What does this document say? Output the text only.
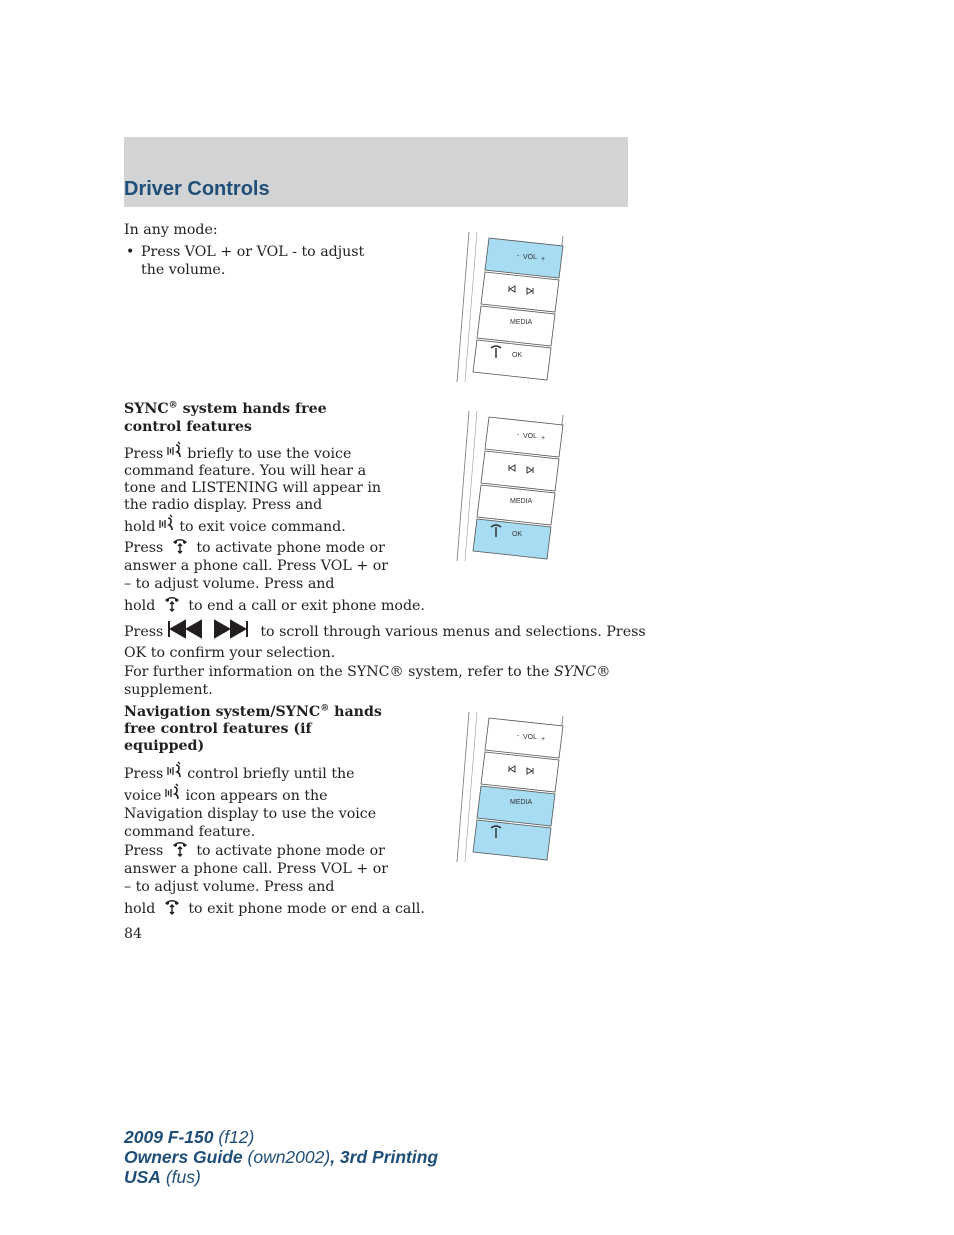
Driver Controls

In any mode:

• Press VOL + or VOL - to adjust
the volume.

SYNC® system hands free
control features

Press briefly to use the voice
command feature. You will hear a
tone and LISTENING will appear in
the radio display. Press and
hold to exit voice command.

Press to activate phone mode or
answer a phone call. Press VOL + or
– to adjust volume. Press and
hold to end a call or exit phone mode.

Press	to scroll through various menus and selections. Press
OK to confirm your selection.

For further information on the SYNC® system, refer to the SYNC®
supplement.

Navigation system/SYNC® hands
free control features (if
equipped)

Press control briefly until the
voice icon appears on the
Navigation display to use the voice
command feature.

Press to activate phone mode or
answer a phone call. Press VOL + or
– to adjust volume. Press and
hold to exit phone mode or end a call.

- VOL +
MEDIA
OK
- VOL +
MEDIA
OK
- VOL +
MEDIA
84
2009 F-150 (f12)
Owners Guide (own2002), 3rd Printing
USA (fus)
